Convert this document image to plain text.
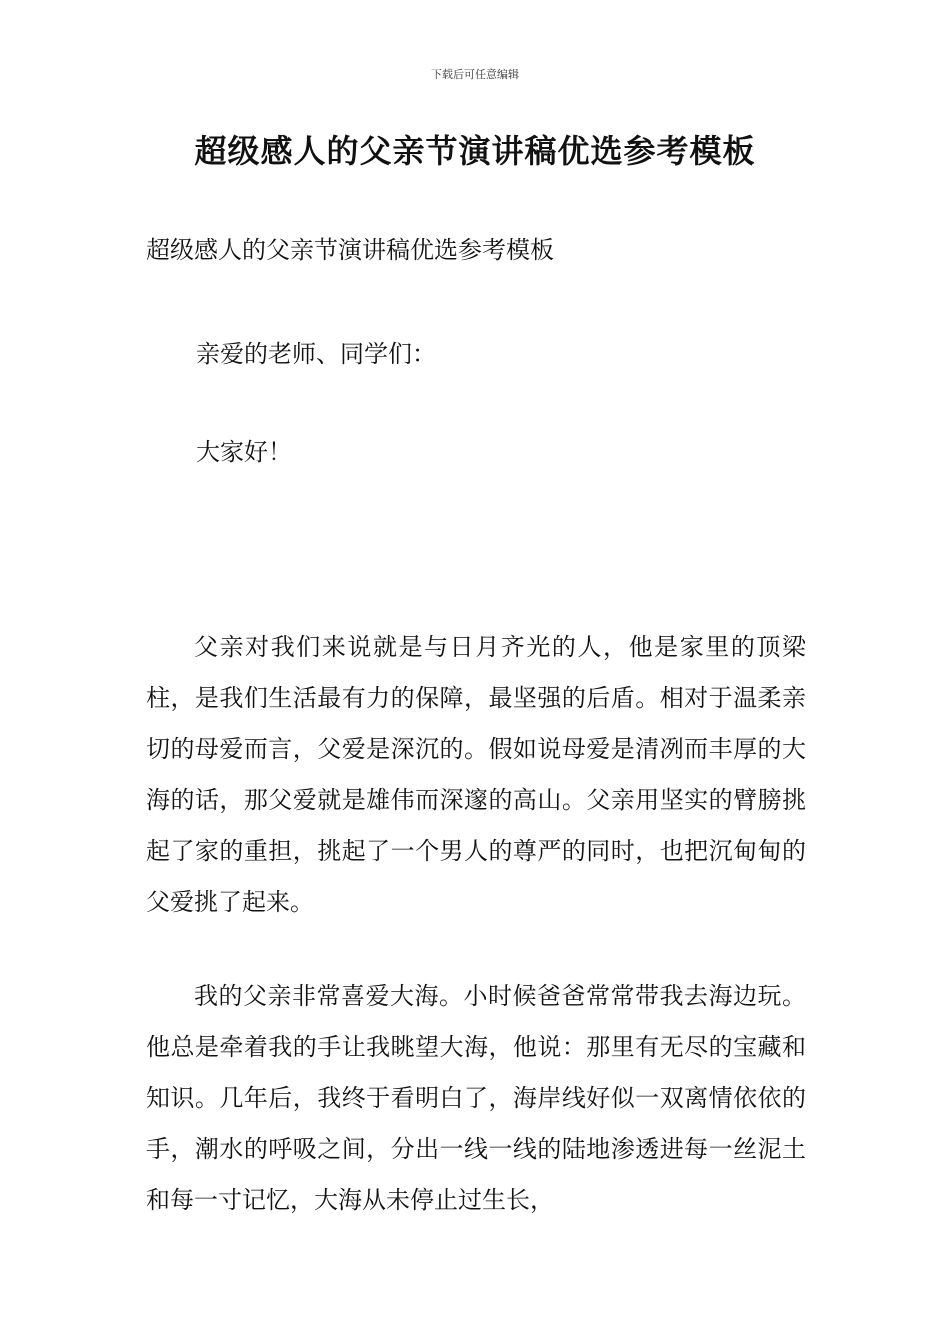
下载后可任意编辑
超级感人的父亲节演讲稿优选参考模板
超级感人的父亲节演讲稿优选参考模板
亲爱的老师、同学们：
大家好！

父亲对我们来说就是与日月齐光的人，他是家里的顶梁柱，是我们生活最有力的保障，最坚强的后盾。相对于温柔亲切的母爱而言，父爱是深沉的。假如说母爱是清冽而丰厚的大海的话，那父爱就是雄伟而深邃的高山。父亲用坚实的臂膀挑起了家的重担，挑起了一个男人的尊严的同时，也把沉甸甸的父爱挑了起来。

我的父亲非常喜爱大海。小时候爸爸常常带我去海边玩。他总是牵着我的手让我眺望大海，他说：那里有无尽的宝藏和知识。几年后，我终于看明白了，海岸线好似一双离情依依的手，潮水的呼吸之间，分出一线一线的陆地渗透进每一丝泥土和每一寸记忆，大海从未停止过生长，
